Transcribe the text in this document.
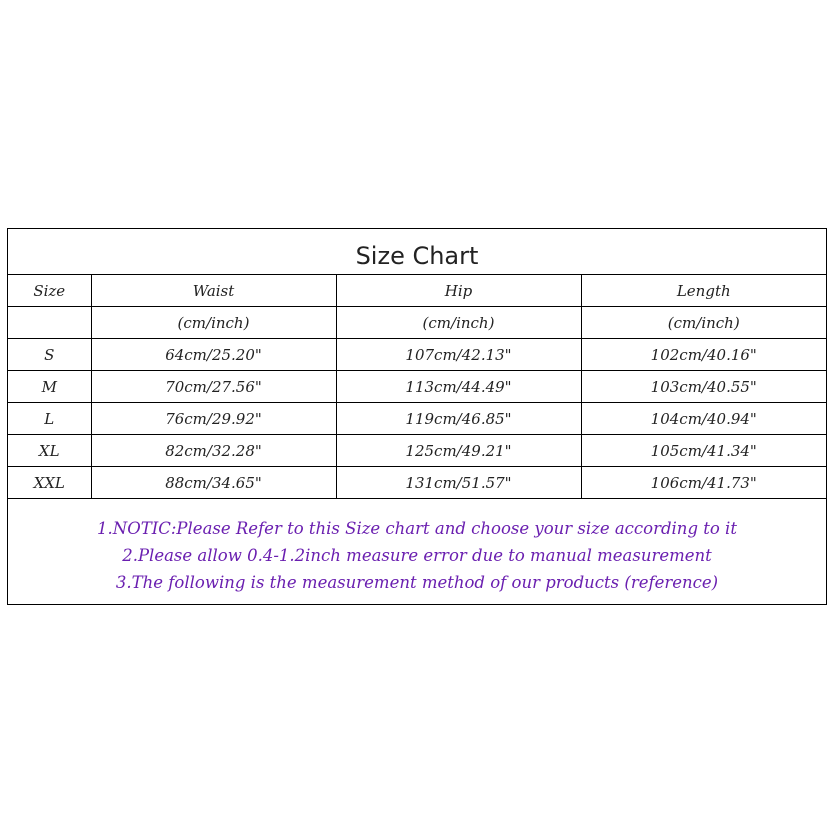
Size Chart
Size	Waist	Hip	Length
	(cm/inch)	(cm/inch)	(cm/inch)
S	64cm/25.20"	107cm/42.13"	102cm/40.16"
M	70cm/27.56"	113cm/44.49"	103cm/40.55"
L	76cm/29.92"	119cm/46.85"	104cm/40.94"
XL	82cm/32.28"	125cm/49.21"	105cm/41.34"
XXL	88cm/34.65"	131cm/51.57"	106cm/41.73"
1.NOTIC:Please Refer to this Size chart and choose your size according to it
2.Please allow 0.4-1.2inch measure error due to manual measurement
3.The following is the measurement method of our products (reference)
